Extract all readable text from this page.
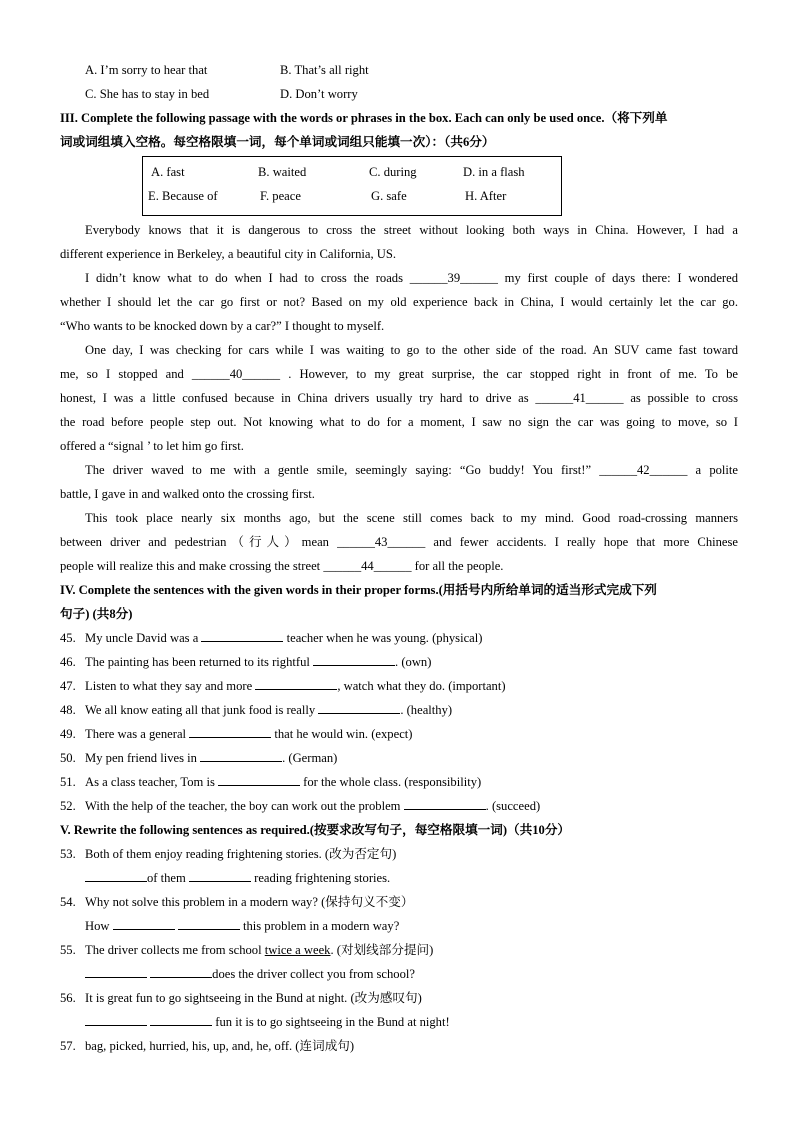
A. I’m sorry to hear that	B. That’s all right
C. She has to stay in bed	D. Don’t worry
III. Complete the following passage with the words or phrases in the box. Each can only be used once.（将下列单
词或词组填入空格。每空格限填一词，每个单词或词组只能填一次）：（共6分）
A. fast	B. waited	C. during	D. in a flash
E. Because of	F. peace	G. safe	H. After
Everybody knows that it is dangerous to cross the street without looking both ways in China. However, I had a
different experience in Berkeley, a beautiful city in California, US.
I didn’t know what to do when I had to cross the roads ______39______ my first couple of days there: I wondered
whether I should let the car go first or not? Based on my old experience back in China, I would certainly let the car go.
“Who wants to be knocked down by a car?” I thought to myself.
One day, I was checking for cars while I was waiting to go to the other side of the road. An SUV came fast toward
me, so I stopped and ______40______ . However, to my great surprise, the car stopped right in front of me. To be
honest, I was a little confused because in China drivers usually try hard to drive as ______41______ as possible to cross
the road before people step out. Not knowing what to do for a moment, I saw no sign the car was going to move, so I
offered a “signal ’ to let him go first.
The driver waved to me with a gentle smile, seemingly saying: “Go buddy! You first!” ______42______ a polite
battle, I gave in and walked onto the crossing first.
This took place nearly six months ago, but the scene still comes back to my mind. Good road-crossing manners
between driver and pedestrian（行人）mean ______43______ and fewer accidents. I really hope that more Chinese
people will realize this and make crossing the street ______44______ for all the people.
IV. Complete the sentences with the given words in their proper forms.(用括号内所给单词的适当形式完成下列
句子) (共8分)
45. My uncle David was a	teacher when he was young. (physical)
46. The painting has been returned to its rightful	. (own)
47. Listen to what they say and more	, watch what they do. (important)
48. We all know eating all that junk food is really	. (healthy)
49. There was a general	that he would win. (expect)
50. My pen friend lives in	. (German)
51. As a class teacher, Tom is	for the whole class. (responsibility)
52. With the help of the teacher, the boy can work out the problem	. (succeed)
V. Rewrite the following sentences as required.(按要求改写句子，每空格限填一词)（共10分）
53. Both of them enjoy reading frightening stories. (改为否定句)
of them	reading frightening stories.
54. Why not solve this problem in a modern way? (保持句义不变）
How	this problem in a modern way?
55. The driver collects me from school twice a week. (对划线部分提问)
does the driver collect you from school?
56. It is great fun to go sightseeing in the Bund at night. (改为感叹句)
fun it is to go sightseeing in the Bund at night!
57. bag, picked, hurried, his, up, and, he, off. (连词成句)
